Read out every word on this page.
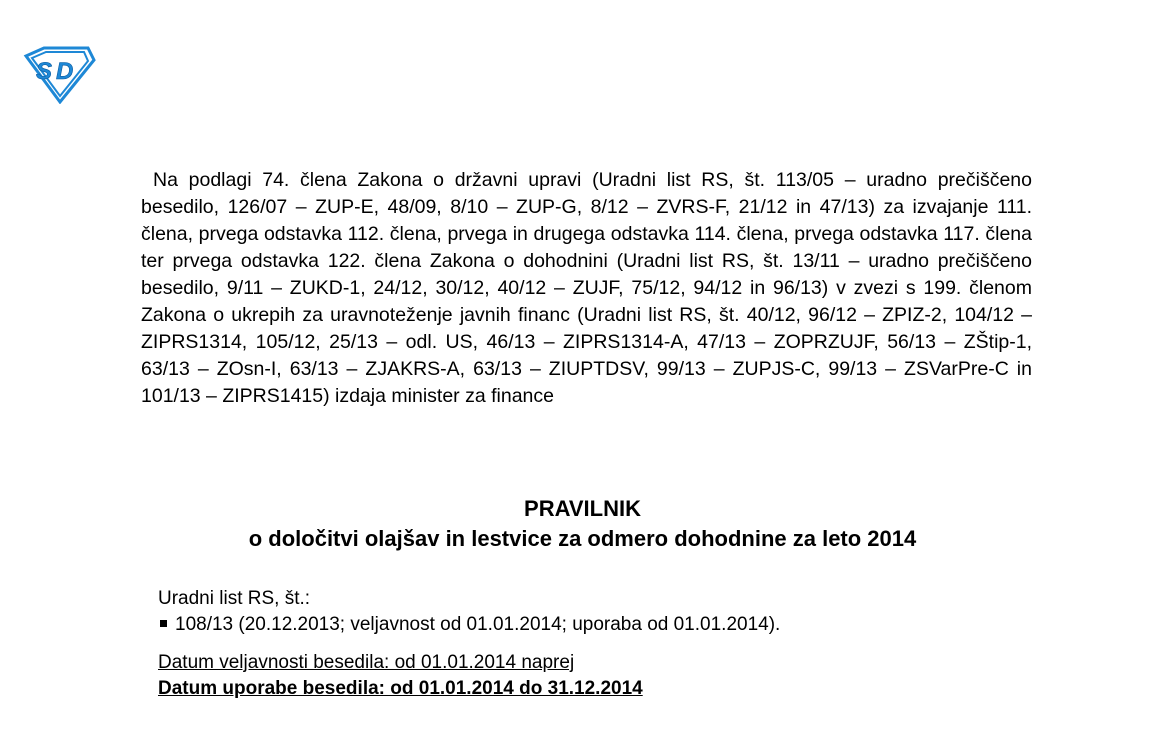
S D

Na podlagi 74. člena Zakona o državni upravi (Uradni list RS, št. 113/05 – uradno prečiščeno besedilo, 126/07 – ZUP-E, 48/09, 8/10 – ZUP-G, 8/12 – ZVRS-F, 21/12 in 47/13) za izvajanje 111. člena, prvega odstavka 112. člena, prvega in drugega odstavka 114. člena, prvega odstavka 117. člena ter prvega odstavka 122. člena Zakona o dohodnini (Uradni list RS, št. 13/11 – uradno prečiščeno besedilo, 9/11 – ZUKD-1, 24/12, 30/12, 40/12 – ZUJF, 75/12, 94/12 in 96/13) v zvezi s 199. členom Zakona o ukrepih za uravnoteženje javnih financ (Uradni list RS, št. 40/12, 96/12 – ZPIZ-2, 104/12 – ZIPRS1314, 105/12, 25/13 – odl. US, 46/13 – ZIPRS1314-A, 47/13 – ZOPRZUJF, 56/13 – ZŠtip-1, 63/13 – ZOsn-I, 63/13 – ZJAKRS-A, 63/13 – ZIUPTDSV, 99/13 – ZUPJS-C, 99/13 – ZSVarPre-C in 101/13 – ZIPRS1415) izdaja minister za finance

PRAVILNIK
o določitvi olajšav in lestvice za odmero dohodnine za leto 2014
Uradni list RS, št.:
108/13 (20.12.2013; veljavnost od 01.01.2014; uporaba od 01.01.2014).
Datum veljavnosti besedila: od 01.01.2014 naprej
Datum uporabe besedila: od 01.01.2014 do 31.12.2014
